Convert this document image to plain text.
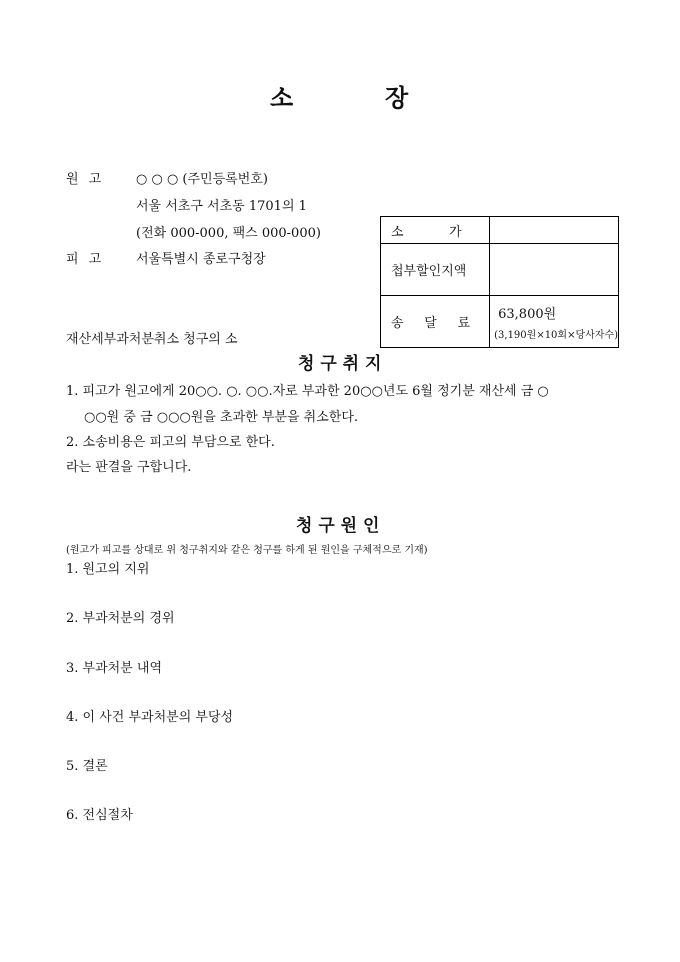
소	장
원 고	○ ○ ○ (주민등록번호)
서울 서초구 서초동 1701의 1
(전화 000-000, 팩스 000-000)
피 고	서울특별시 종로구청장
소           가	
첩부할인지액	
송     달     료	63,800원
(3,190원×10회×당사자수)
재산세부과처분취소 청구의 소
청 구 취 지
1. 피고가 원고에게 20○○. ○. ○○.자로 부과한 20○○년도 6월 정기분 재산세 금 ○
○○원 중 금 ○○○원을 초과한 부분을 취소한다.
2. 소송비용은 피고의 부담으로 한다.
라는 판결을 구합니다.
청 구 원 인
(원고가 피고를 상대로 위 청구취지와 같은 청구를 하게 된 원인을 구체적으로 기재)
1. 원고의 지위
2. 부과처분의 경위
3. 부과처분 내역
4. 이 사건 부과처분의 부당성
5. 결론
6. 전심절차
